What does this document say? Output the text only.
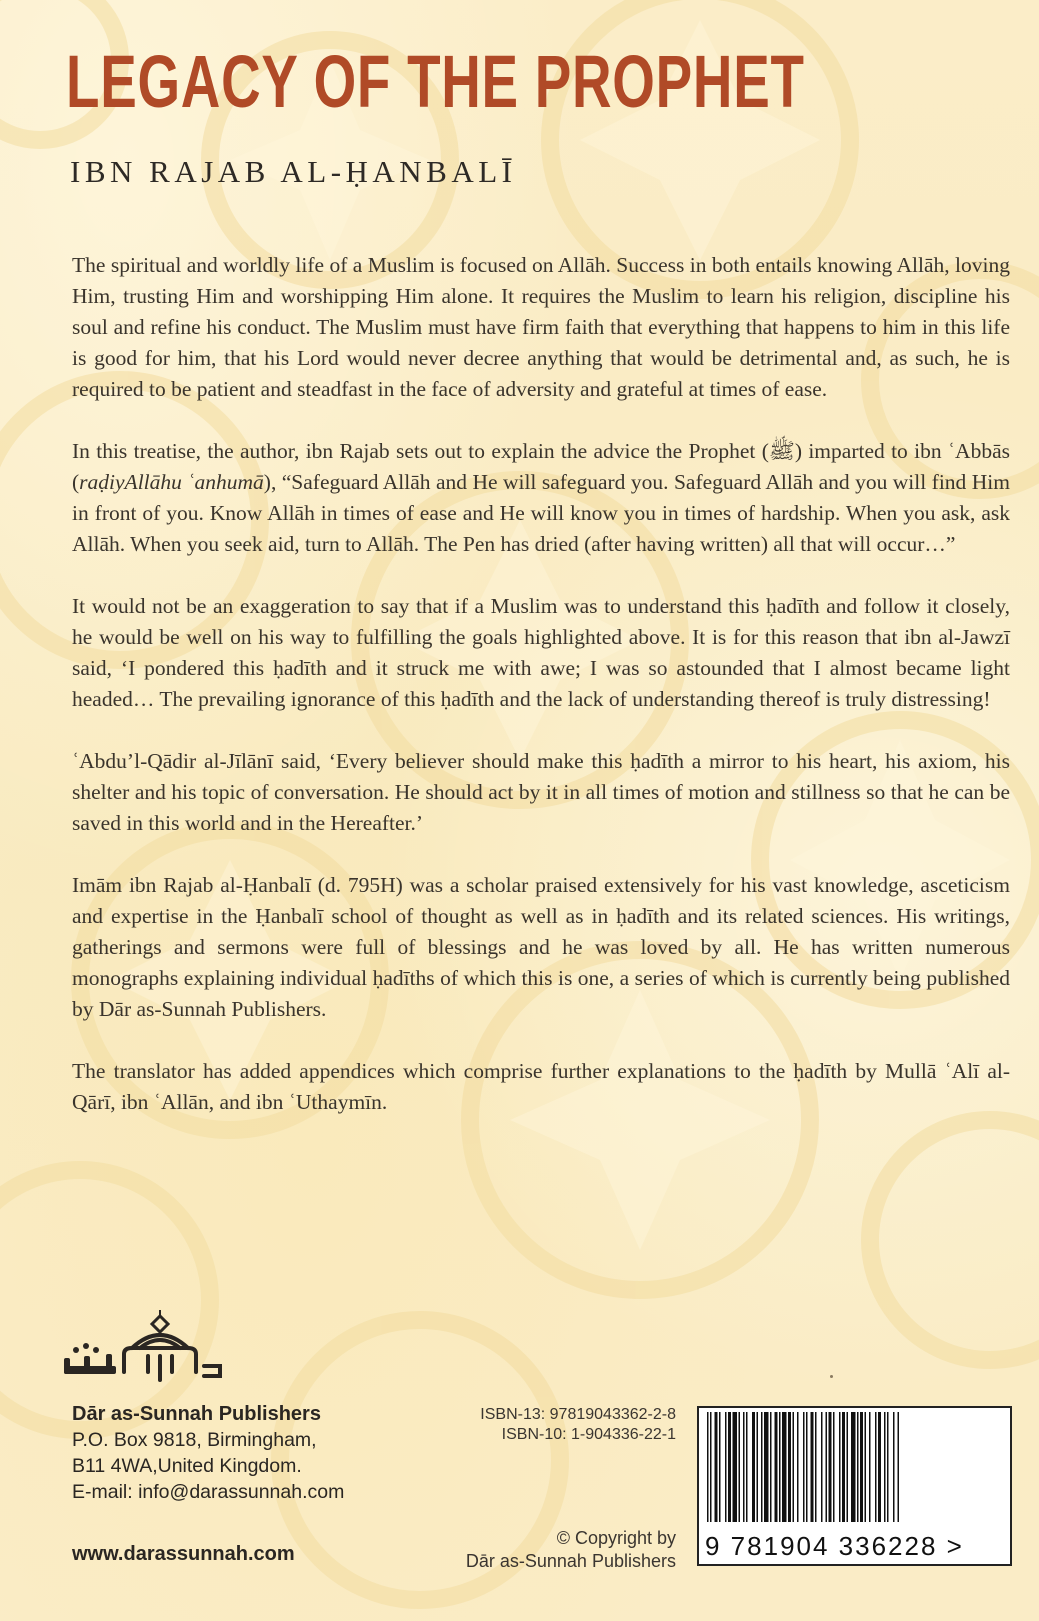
LEGACY OF THE PROPHET
IBN RAJAB AL-ḤANBALĪ

The spiritual and worldly life of a Muslim is focused on Allāh. Success in both entails knowing Allāh, loving Him, trusting Him and worshipping Him alone. It requires the Muslim to learn his religion, discipline his soul and refine his conduct. The Muslim must have firm faith that everything that happens to him in this life is good for him, that his Lord would never decree anything that would be detrimental and, as such, he is required to be patient and steadfast in the face of adversity and grateful at times of ease.

In this treatise, the author, ibn Rajab sets out to explain the advice the Prophet (ﷺ) imparted to ibn ʿAbbās (raḍiyAllāhu ʿanhumā), “Safeguard Allāh and He will safeguard you. Safeguard Allāh and you will find Him in front of you. Know Allāh in times of ease and He will know you in times of hardship. When you ask, ask Allāh. When you seek aid, turn to Allāh. The Pen has dried (after having written) all that will occur…”

It would not be an exaggeration to say that if a Muslim was to understand this ḥadīth and follow it closely, he would be well on his way to fulfilling the goals highlighted above. It is for this reason that ibn al-Jawzī said, ‘I pondered this ḥadīth and it struck me with awe; I was so astounded that I almost became light headed… The prevailing ignorance of this ḥadīth and the lack of understanding thereof is truly distressing!

ʿAbdu’l-Qādir al-Jīlānī said, ‘Every believer should make this ḥadīth a mirror to his heart, his axiom, his shelter and his topic of conversation. He should act by it in all times of motion and stillness so that he can be saved in this world and in the Hereafter.’

Imām ibn Rajab al-Ḥanbalī (d. 795H) was a scholar praised extensively for his vast knowledge, asceticism and expertise in the Ḥanbalī school of thought as well as in ḥadīth and its related sciences. His writings, gatherings and sermons were full of blessings and he was loved by all. He has written numerous monographs explaining individual ḥadīths of which this is one, a series of which is currently being published by Dār as-Sunnah Publishers.

The translator has added appendices which comprise further explanations to the ḥadīth by Mullā ʿAlī al-Qārī, ibn ʿAllān, and ibn ʿUthaymīn.

Dār as-Sunnah Publishers
P.O. Box 9818, Birmingham,
B11 4WA,United Kingdom.
E-mail: info@darassunnah.com
www.darassunnah.com
ISBN-13: 97819043362-2-8
ISBN-10: 1-904336-22-1
© Copyright by
Dār as-Sunnah Publishers 9 781904 336228 >
